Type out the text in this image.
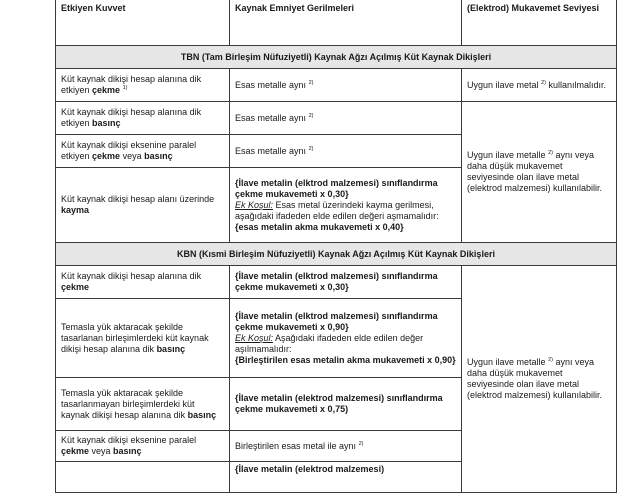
Etkiyen Kuvvet	Kaynak Emniyet Gerilmeleri	(Elektrod) Mukavemet Seviyesi
TBN (Tam Birleşim Nüfuziyetli) Kaynak Ağzı Açılmış Küt Kaynak Dikişleri		
Küt kaynak dikişi hesap alanına dik etkiyen çekme $^{1)}$	Esas metalle aynı $^{2)}$	Uygun ilave metal $^{2)}$ kullanılmalıdır.
Küt kaynak dikişi hesap alanına dik etkiyen basınç	Esas metalle aynı $^{2)}$	Uygun ilave metalle $^{2)}$ aynı veya daha düşük mukavemet seviyesinde olan ilave metal (elektrod malzemesi) kullanılabilir.
Küt kaynak dikişi eksenine paralel etkiyen çekme veya basınç	Esas metalle aynı $^{2)}$
Küt kaynak dikişi hesap alanı üzerinde kayma	{İlave metalin (elktrod malzemesi) sınıflandırma çekme mukavemeti x 0,30}
Ek Koşul: Esas metal üzerindeki kayma gerilmesi, aşağıdaki ifadeden elde edilen değeri aşmamalıdır:
{esas metalin akma mukavemeti x 0,40}	

KBN (Kısmi Birleşim Nüfuziyetli) Kaynak Ağzı Açılmış Küt Kaynak Dikişleri		
Küt kaynak dikişi hesap alanına dik çekme	{İlave metalin (elktrod malzemesi) sınıflandırma çekme mukavemeti x 0,30}	Uygun ilave metalle $^{2)}$ aynı veya daha düşük mukavemet seviyesinde olan ilave metal (elektrod malzemesi) kullanılabilir.
Temasla yük aktaracak şekilde tasarlanan birleşimlerdeki küt kaynak dikişi hesap alanına dik basınç	{İlave metalin (elktrod malzemesi) sınıflandırma çekme mukavemeti x 0,90}
Ek Koşul: Aşağıdaki ifadeden elde edilen değer aşılmamalıdır:
{Birleştirilen esas metalin akma mukavemeti x 0,90}	

Temasla yük aktaracak şekilde tasarlanmayan birleşimlerdeki küt kaynak dikişi hesap alanına dik basınç	{İlave metalin (elektrod malzemesi) sınıflandırma çekme mukavemeti x 0,75)	
Küt kaynak dikişi eksenine paralel çekme veya basınç	Birleştirilen esas metal ile aynı $^{2)}$
	{İlave metalin (elektrod malzemesi)	
